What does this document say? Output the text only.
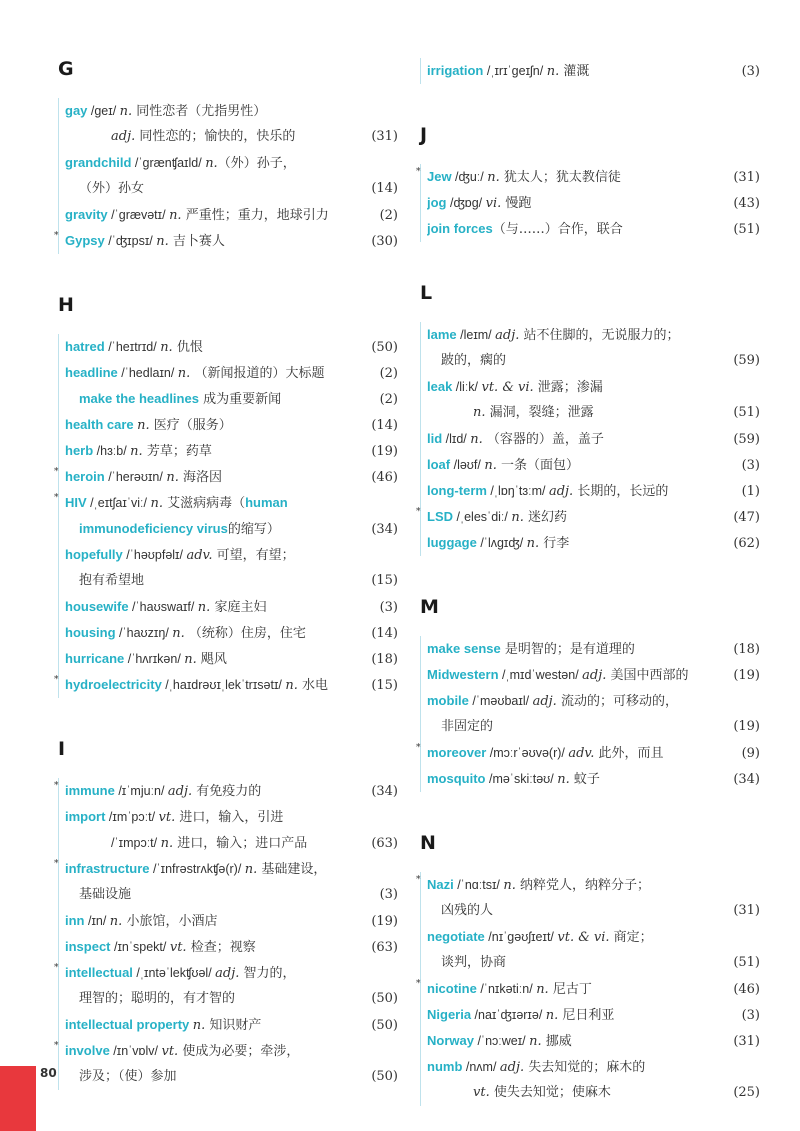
G
gay /geɪ/ n. 同性恋者（尤指男性）
adj. 同性恋的；愉快的，快乐的	(31)
grandchild /ˈgrænʧaɪld/ n.（外）孙子，
（外）孙女	(14)
gravity /ˈgrævətɪ/ n. 严重性；重力，地球引力	(2)
* Gypsy /ˈʤɪpsɪ/ n. 吉卜赛人	(30)
H
hatred /ˈheɪtrɪd/ n. 仇恨	(50)
headline /ˈhedlaɪn/ n. （新闻报道的）大标题	(2)
make the headlines 成为重要新闻	(2)
health care n. 医疗（服务）	(14)
herb /hɜːb/ n. 芳草；药草	(19)
* heroin /ˈherəʊɪn/ n. 海洛因	(46)
* HIV /ˌeɪtʃaɪˈviː/ n. 艾滋病病毒（human
immunodeficiency virus的缩写）	(34)
hopefully /ˈhəʊpfəlɪ/ adv. 可望，有望；
抱有希望地	(15)
housewife /ˈhaʊswaɪf/ n. 家庭主妇	(3)
housing /ˈhaʊzɪŋ/ n. （统称）住房，住宅	(14)
hurricane /ˈhʌrɪkən/ n. 飓风	(18)
* hydroelectricity /ˌhaɪdrəʊɪˌlekˈtrɪsətɪ/ n. 水电	(15)
I
* immune /ɪˈmjuːn/ adj. 有免疫力的	(34)
import /ɪmˈpɔːt/ vt. 进口，输入，引进
/ˈɪmpɔːt/ n. 进口，输入；进口产品	(63)
* infrastructure /ˈɪnfrəstrʌkʧə(r)/ n. 基础建设，
基础设施	(3)
inn /ɪn/ n. 小旅馆，小酒店	(19)
inspect /ɪnˈspekt/ vt. 检查；视察	(63)
* intellectual /ˌɪntəˈlekʧʊəl/ adj. 智力的，
理智的；聪明的，有才智的	(50)
intellectual property n. 知识财产	(50)
* involve /ɪnˈvɒlv/ vt. 使成为必要；牵涉，
涉及；（使）参加	(50)
irrigation /ˌɪrɪˈgeɪʃn/ n. 灌溉	(3)
J
* Jew /ʤuː/ n. 犹太人；犹太教信徒	(31)
jog /ʤɒg/ vi. 慢跑	(43)
join forces（与……）合作，联合	(51)
L
lame /leɪm/ adj. 站不住脚的，无说服力的；
跛的，瘸的	(59)
leak /liːk/ vt. & vi. 泄露；渗漏
n. 漏洞，裂缝；泄露	(51)
lid /lɪd/ n. （容器的）盖，盖子	(59)
loaf /ləʊf/ n. 一条（面包）	(3)
long-term /ˌlɒŋˈtɜːm/ adj. 长期的，长远的	(1)
* LSD /ˌelesˈdiː/ n. 迷幻药	(47)
luggage /ˈlʌgɪʤ/ n. 行李	(62)
M
make sense 是明智的；是有道理的	(18)
Midwestern /ˌmɪdˈwestən/ adj. 美国中西部的	(19)
mobile /ˈməʊbaɪl/ adj. 流动的；可移动的，
非固定的	(19)
* moreover /mɔːrˈəʊvə(r)/ adv. 此外，而且	(9)
mosquito /məˈskiːtəʊ/ n. 蚊子	(34)
N
* Nazi /ˈnɑːtsɪ/ n. 纳粹党人，纳粹分子；
凶残的人	(31)
negotiate /nɪˈgəʊʃɪeɪt/ vt. & vi. 商定；
谈判，协商	(51)
* nicotine /ˈnɪkətiːn/ n. 尼古丁	(46)
Nigeria /naɪˈʤɪərɪə/ n. 尼日利亚	(3)
Norway /ˈnɔːweɪ/ n. 挪威	(31)
numb /nʌm/ adj. 失去知觉的；麻木的
vt. 使失去知觉；使麻木	(25)
80
